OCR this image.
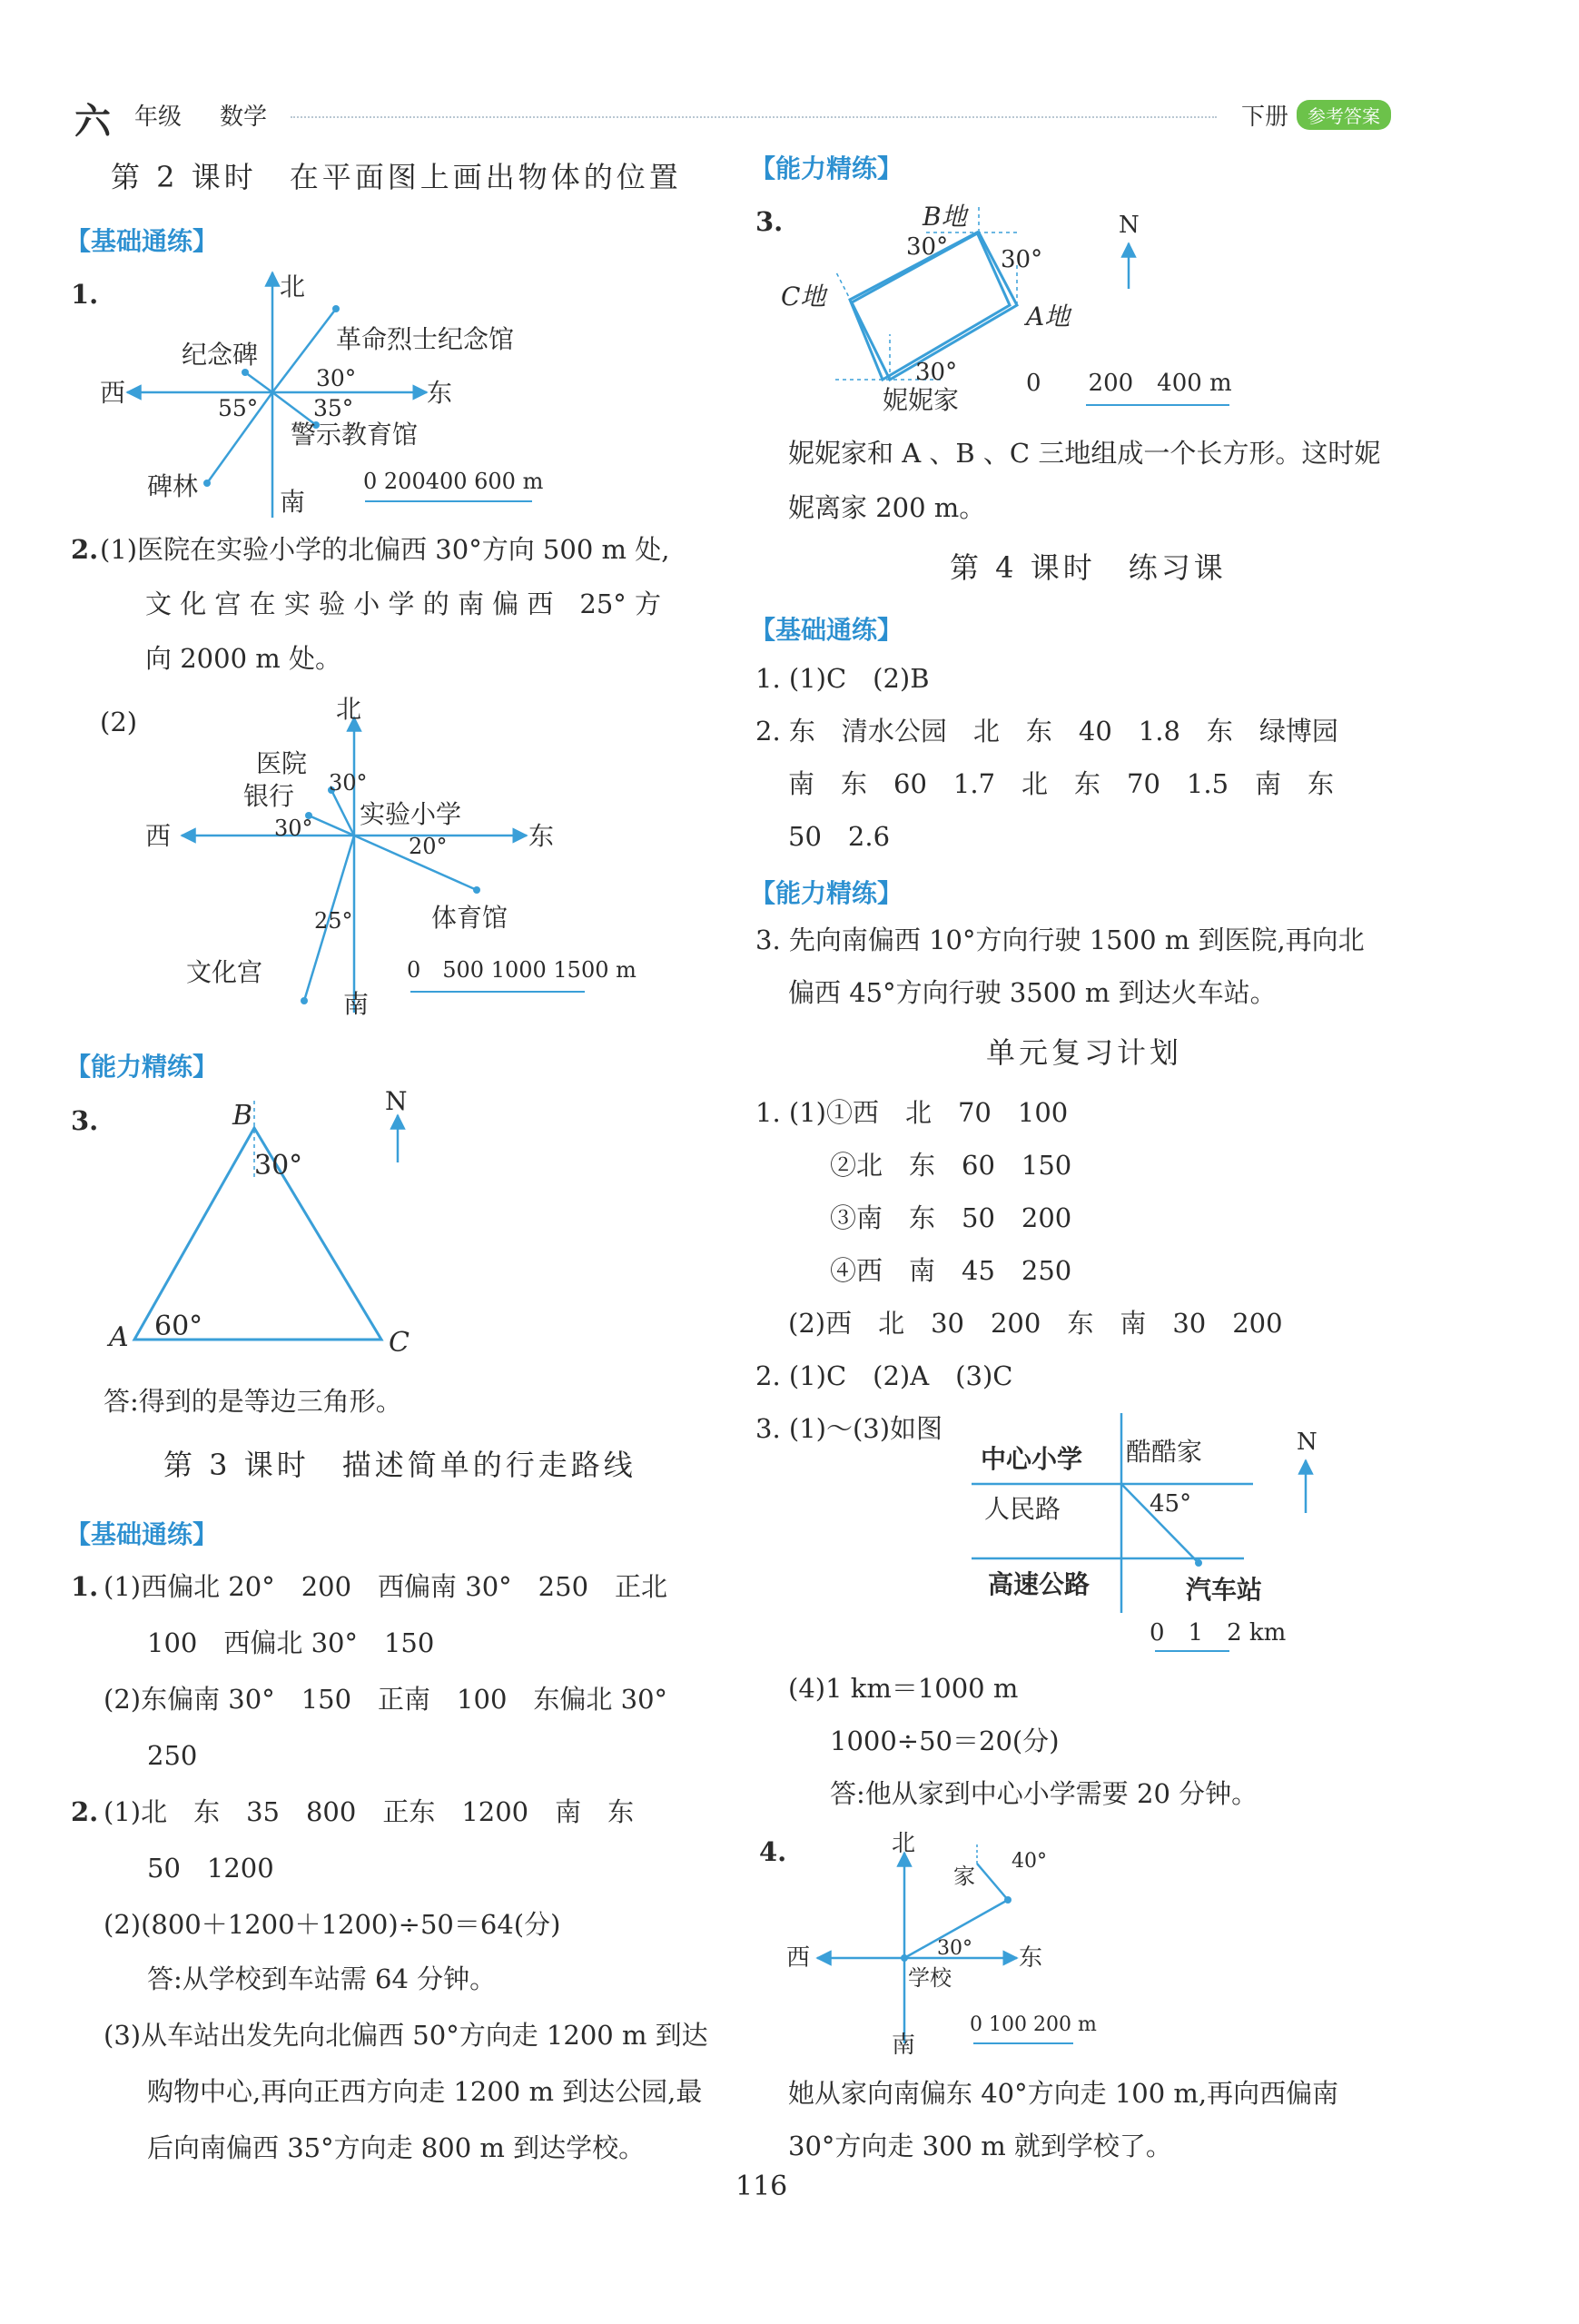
六 年级 数学	下册	参考答案
第 2 课时　在平面图上画出物体的位置
【基础通练】
1.	北
南
东
西
纪念碑
革命烈士纪念馆
警示教育馆
碑林
30°
55° 35°
0 200400 600 m
2. (1)医院在实验小学的北偏西 30°方向 500 m 处,
文 化 宫 在 实 验 小 学 的 南 偏 西　25° 方
向 2000 m 处。
(2)	北
南
东
西
医院
银行
实验小学
体育馆
文化宫
30°
30°
20°
25°
0　500 1000 1500 m
【能力精练】
3.	B
A	C
N
30°
60°
答:得到的是等边三角形。
第 3 课时　描述简单的行走路线
【基础通练】
1. (1)西偏北 20°　200　西偏南 30°　250　正北
100　西偏北 30°　150
(2)东偏南 30°　150　正南　100　东偏北 30°
250
2. (1)北　东　35　800　正东　1200　南　东
50　1200
(2)(800＋1200＋1200)÷50＝64(分)
答:从学校到车站需 64 分钟。
(3)从车站出发先向北偏西 50°方向走 1200 m 到达
购物中心,再向正西方向走 1200 m 到达公园,最
后向南偏西 35°方向走 800 m 到达学校。
【能力精练】
3.	B地
C地
A地
妮妮家
30° 30°
30°
N
0　　200　400 m
妮妮家和 A 、B 、C 三地组成一个长方形。这时妮
妮离家 200 m。
第 4 课时　练习课
【基础通练】
1. (1)C　(2)B
2. 东　清水公园　北　东　40　1.8　东　绿博园
南　东　60　1.7　北　东　70　1.5　南　东
50　2.6
【能力精练】
3. 先向南偏西 10°方向行驶 1500 m 到医院,再向北
偏西 45°方向行驶 3500 m 到达火车站。
单元复习计划
1. (1)①西　北　70　100
②北　东　60　150
③南　东　50　200
④西　南　45　250
(2)西　北　30　200　东　南　30　200
2. (1)C　(2)A　(3)C
3. (1)～(3)如图
中心小学 酷酷家
人民路
高速公路	汽车站
45°
N
0　1　2 km
(4)1 km＝1000 m
1000÷50＝20(分)
答:他从家到中心小学需要 20 分钟。
4.	北
南
东
西
家
学校
40°
30°
0 100 200 m
她从家向南偏东 40°方向走 100 m,再向西偏南
30°方向走 300 m 就到学校了。
116
